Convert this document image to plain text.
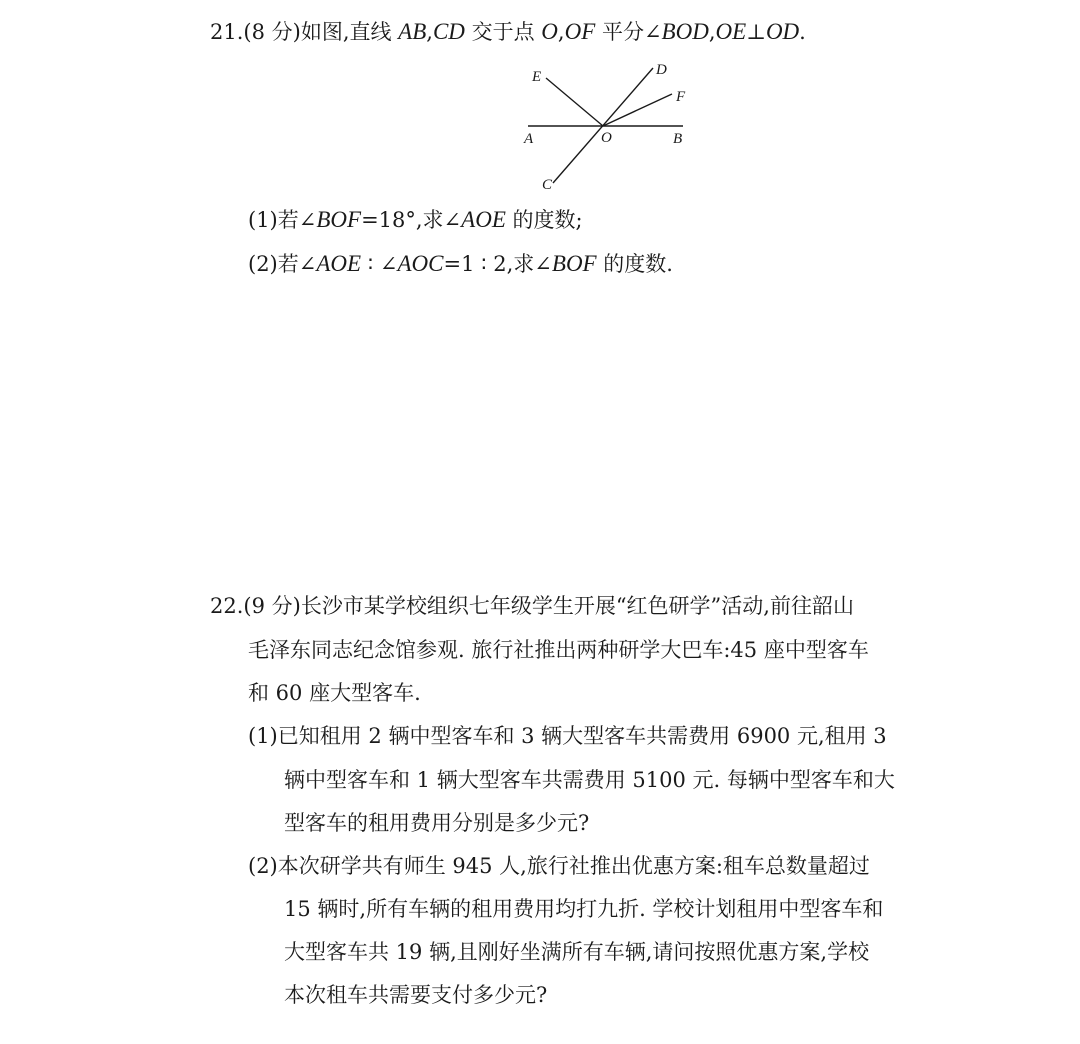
21.(8 分)如图,直线 AB,CD 交于点 O,OF 平分∠BOD,OE⊥OD.
E	D
F
A	O	B
C
(1)若∠BOF=18°,求∠AOE 的度数;
(2)若∠AOE ∶ ∠AOC=1 ∶ 2,求∠BOF 的度数.
22.(9 分)长沙市某学校组织七年级学生开展“红色研学”活动,前往韶山
毛泽东同志纪念馆参观. 旅行社推出两种研学大巴车:45 座中型客车
和 60 座大型客车.
(1)已知租用 2 辆中型客车和 3 辆大型客车共需费用 6900 元,租用 3
辆中型客车和 1 辆大型客车共需费用 5100 元. 每辆中型客车和大
型客车的租用费用分别是多少元?
(2)本次研学共有师生 945 人,旅行社推出优惠方案:租车总数量超过
15 辆时,所有车辆的租用费用均打九折. 学校计划租用中型客车和
大型客车共 19 辆,且刚好坐满所有车辆,请问按照优惠方案,学校
本次租车共需要支付多少元?
